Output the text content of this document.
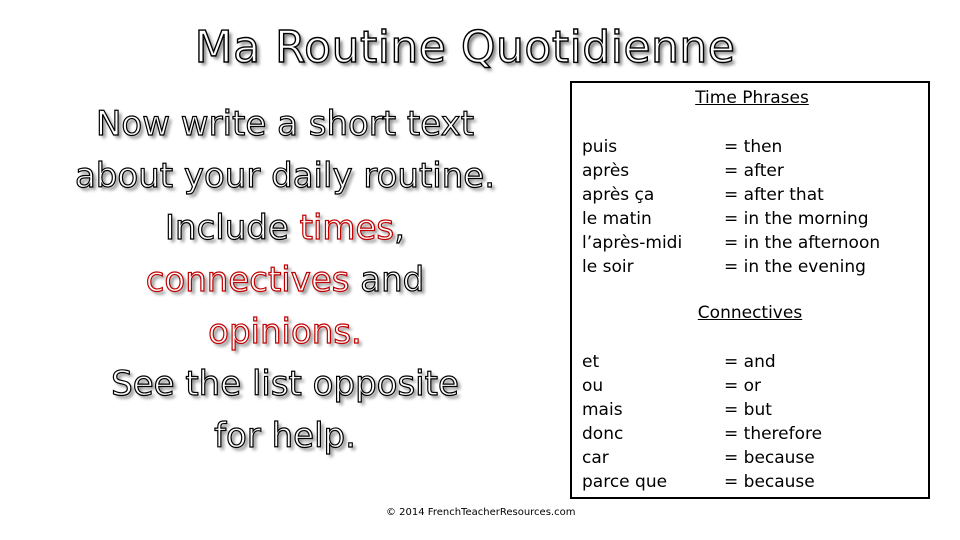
Ma Routine Quotidienne
Now write a short text
about your daily routine.
Include times,
connectives and
opinions.
See the list opposite
for help.
Time Phrases
puis
après
après ça
le matin
l’après-midi
le soir
= then
= after
= after that
= in the morning
= in the afternoon
= in the evening
Connectives
et
ou
mais
donc
car
parce que
= and
= or
= but
= therefore
= because
= because
© 2014 FrenchTeacherResources.com
